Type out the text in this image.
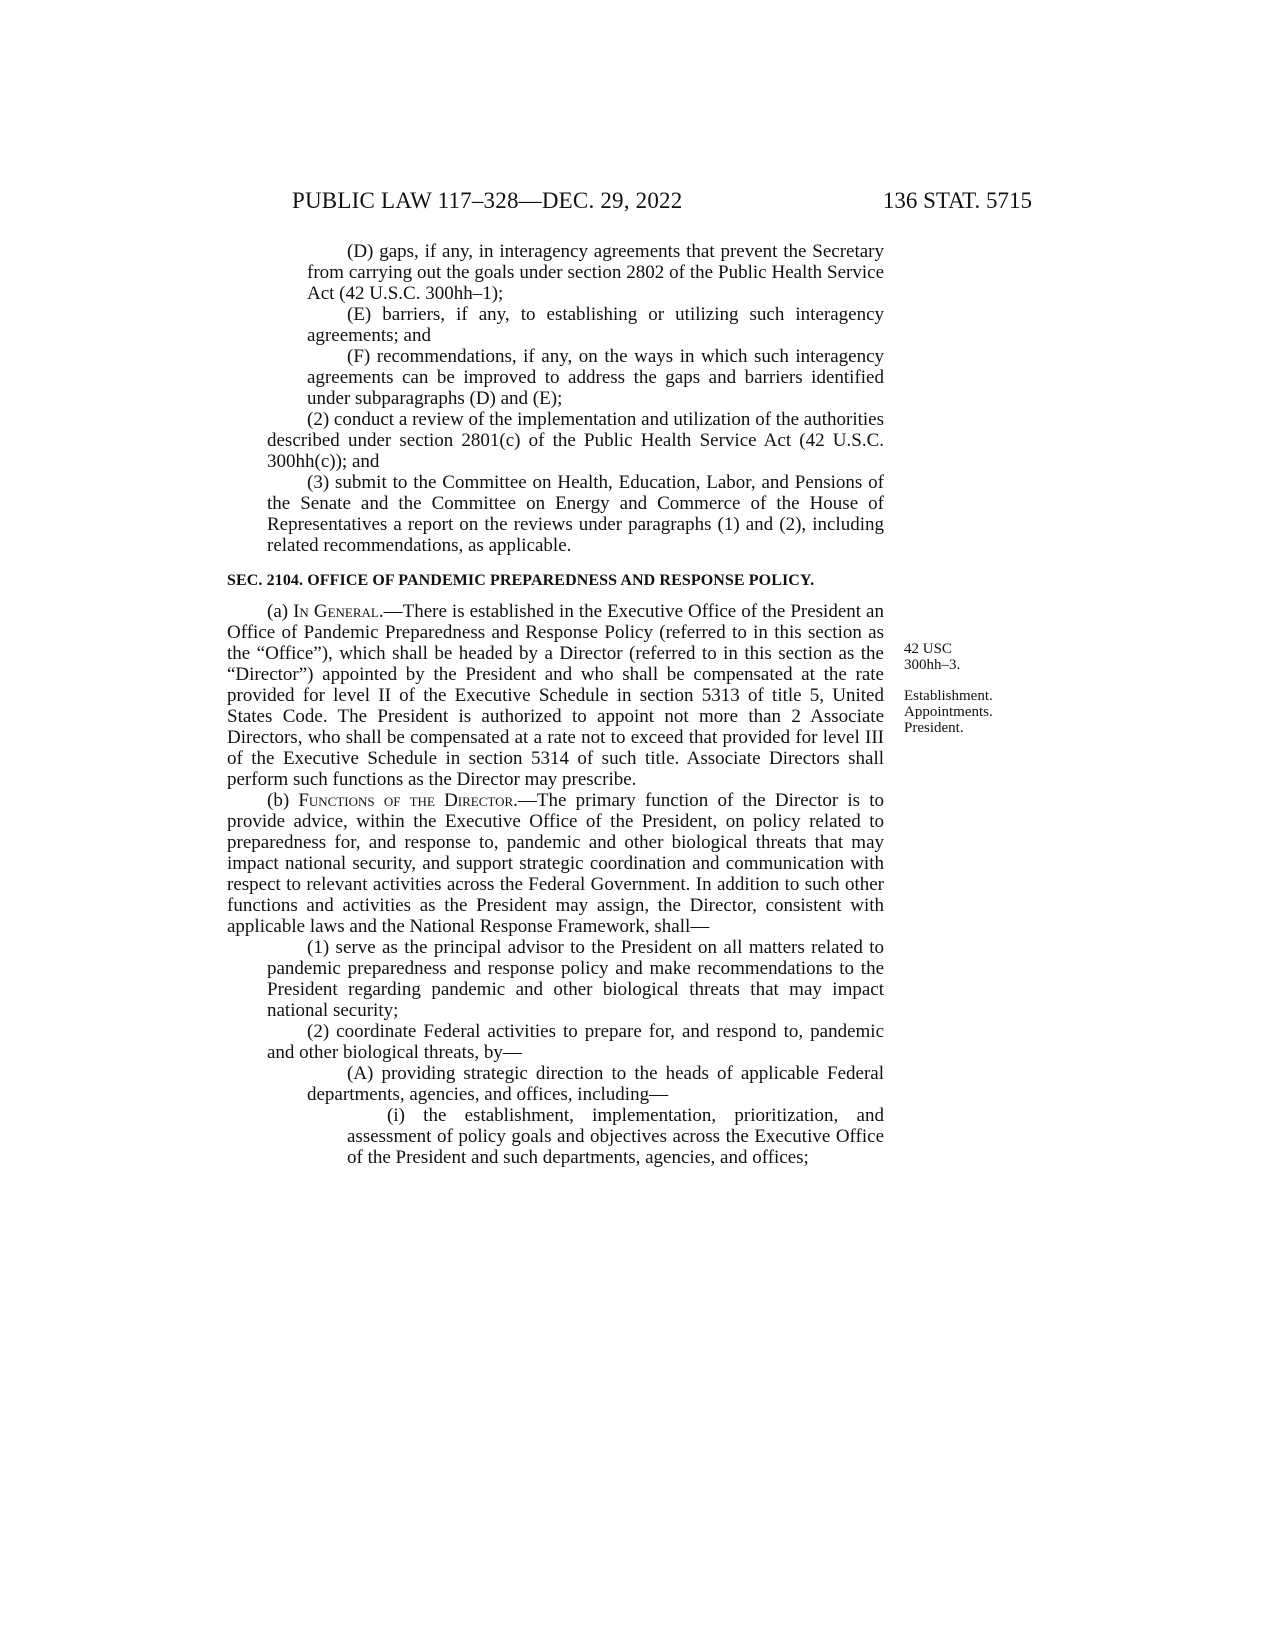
PUBLIC LAW 117–328—DEC. 29, 2022	136 STAT. 5715

(D) gaps, if any, in interagency agreements that prevent the Secretary from carrying out the goals under section 2802 of the Public Health Service Act (42 U.S.C. 300hh–1);

(E) barriers, if any, to establishing or utilizing such interagency agreements; and

(F) recommendations, if any, on the ways in which such interagency agreements can be improved to address the gaps and barriers identified under subparagraphs (D) and (E);

(2) conduct a review of the implementation and utilization of the authorities described under section 2801(c) of the Public Health Service Act (42 U.S.C. 300hh(c)); and

(3) submit to the Committee on Health, Education, Labor, and Pensions of the Senate and the Committee on Energy and Commerce of the House of Representatives a report on the reviews under paragraphs (1) and (2), including related recommendations, as applicable.

SEC. 2104. OFFICE OF PANDEMIC PREPAREDNESS AND RESPONSE POLICY.

(a) In General.—There is established in the Executive Office of the President an Office of Pandemic Preparedness and Response Policy (referred to in this section as the “Office”), which shall be headed by a Director (referred to in this section as the “Director”) appointed by the President and who shall be compensated at the rate provided for level II of the Executive Schedule in section 5313 of title 5, United States Code. The President is authorized to appoint not more than 2 Associate Directors, who shall be compensated at a rate not to exceed that provided for level III of the Executive Schedule in section 5314 of such title. Associate Directors shall perform such functions as the Director may prescribe.

(b) Functions of the Director.—The primary function of the Director is to provide advice, within the Executive Office of the President, on policy related to preparedness for, and response to, pandemic and other biological threats that may impact national security, and support strategic coordination and communication with respect to relevant activities across the Federal Government. In addition to such other functions and activities as the President may assign, the Director, consistent with applicable laws and the National Response Framework, shall—

(1) serve as the principal advisor to the President on all matters related to pandemic preparedness and response policy and make recommendations to the President regarding pandemic and other biological threats that may impact national security;

(2) coordinate Federal activities to prepare for, and respond to, pandemic and other biological threats, by—

(A) providing strategic direction to the heads of applicable Federal departments, agencies, and offices, including—

(i) the establishment, implementation, prioritization, and assessment of policy goals and objectives across the Executive Office of the President and such departments, agencies, and offices;

42 USC
300hh–3.
Establishment.
Appointments.
President.
